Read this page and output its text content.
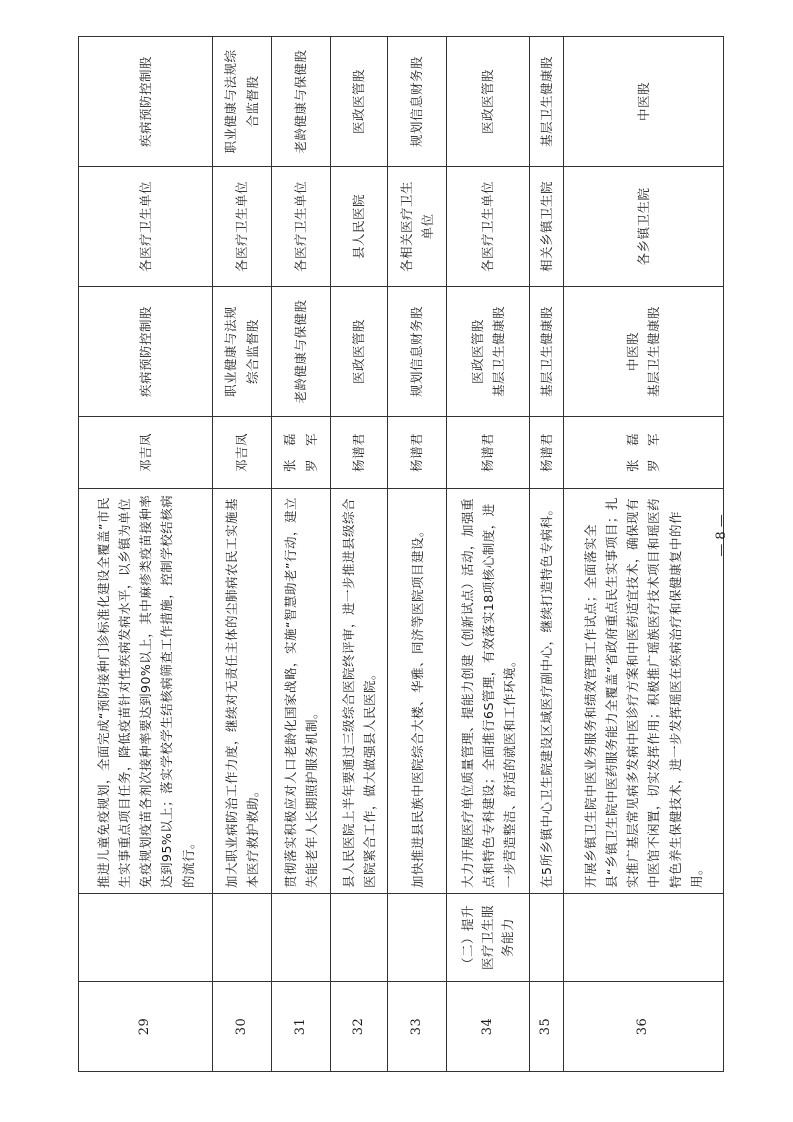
29		推进儿童免疫规划，全面完成“预防接种门诊标准化建设全覆盖”市民生实事重点项目任务，降低疫苗针对性疾病发病水平，以乡镇为单位免疫规划疫苗各剂次接种率要达到90%以上，其中麻疹类疫苗接种率达到95%以上；落实学校学生结核病筛查工作措施，控制学校结核病的流行。	邓吉凤	疾病预防控制股	各医疗卫生单位	疾病预防控制股

30		加大职业病防治工作力度，继续对无责任主体的尘肺病农民工实施基本医疗救护救助。	邓吉凤	职业健康与法规 综合监督股	各医疗卫生单位	职业健康与法规综 合监督股

31		贯彻落实积极应对人口老龄化国家战略，实施“智慧助老”行动，建立失能老年人长期照护服务机制。	张　磊 罗　军	老龄健康与保健股	各医疗卫生单位	老龄健康与保健股

32		县人民医院上半年要通过三级综合医院终评审，进一步推进县级综合医院紧合工作，做大做强县人民医院。	杨谱君	医政医管股	县人民医院	医政医管股

33		加快推进县民族中医院综合大楼、华雅、同济等医院项目建设。	杨谱君	规划信息财务股	各相关医疗卫生 单位	规划信息财务股

34	（二）提升医疗卫生服务能力	大力开展医疗单位质量管理、提能力创建（创新试点）活动，加强重点和特色专科建设；全面推行6S管理，有效落实18项核心制度，进一步营造整洁、舒适的就医和工作环境。	杨谱君	医政医管股 基层卫生健康股	各医疗卫生单位	医政医管股

35		在5所乡镇中心卫生院建设区域医疗副中心，继续打造特色专病科。	杨谱君	基层卫生健康股	相关乡镇卫生院	基层卫生健康股

36		开展乡镇卫生院中医业务服务和绩效管理工作试点；全面落实全县“乡镇卫生院中医药服务能力全覆盖”省政府重点民生实事项目；扎实推广基层常见病多发病中医诊疗方案和中医药适宜技术，确保现有中医馆不闲置，切实发挥作用；积极推广瑶族医疗技术项目和瑶医药特色养生保健技术，进一步发挥瑶医在疾病治疗和保健康复中的作用。	张　磊 罗　军	中医股 基层卫生健康股	各乡镇卫生院	中医股
— 8 —
